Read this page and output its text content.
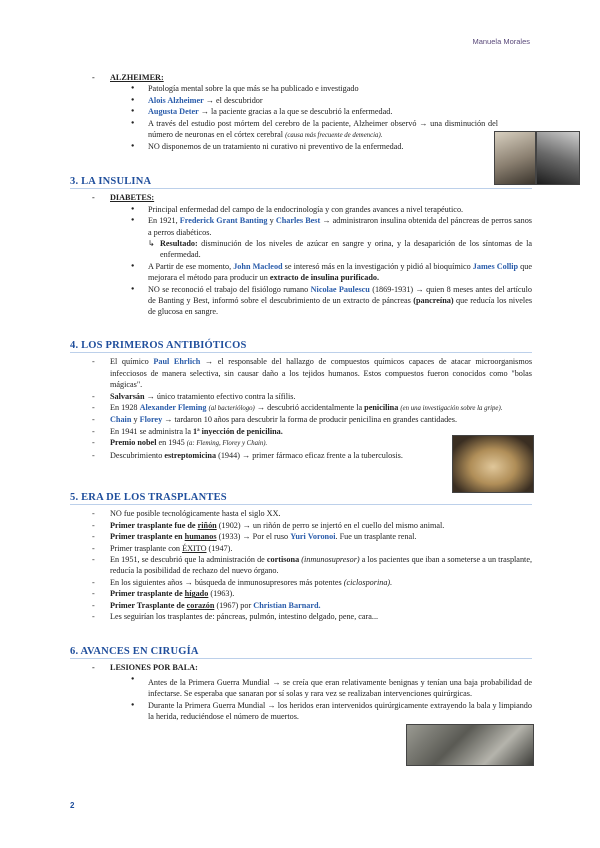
Manuela Morales
- ALZHEIMER:
● Patología mental sobre la que más se ha publicado e investigado
● Alois Alzheimer → el descubridor
● Augusta Deter → la paciente gracias a la que se descubrió la enfermedad.
● A través del estudio post mórtem del cerebro de la paciente, Alzheimer observó → una disminución del número de neuronas en el córtex cerebral (causa más frecuente de demencia).
● NO disponemos de un tratamiento ni curativo ni preventivo de la enfermedad.
3. LA INSULINA
- DIABETES:
● Principal enfermedad del campo de la endocrinología y con grandes avances a nivel terapéutico.
● En 1921, Frederick Grant Banting y Charles Best → administraron insulina obtenida del páncreas de perros sanos a perros diabéticos.
↳ Resultado: disminución de los niveles de azúcar en sangre y orina, y la desaparición de los síntomas de la enfermedad.
● A Partir de ese momento, John Macleod se interesó más en la investigación y pidió al bioquímico James Collip que mejorara el método para producir un extracto de insulina purificado.
● NO se reconoció el trabajo del fisiólogo rumano Nicolae Paulescu (1869-1931) → quien 8 meses antes del artículo de Banting y Best, informó sobre el descubrimiento de un extracto de páncreas (pancreína) que reducía los niveles de glucosa en sangre.
4. LOS PRIMEROS ANTIBIÓTICOS
- El químico Paul Ehrlich → el responsable del hallazgo de compuestos químicos capaces de atacar microorganismos infecciosos de manera selectiva, sin causar daño a los tejidos humanos. Estos compuestos fueron conocidos como "bolas mágicas".
- Salvarsán → único tratamiento efectivo contra la sífilis.
- En 1928 Alexander Fleming (al bacteriólogo) → descubrió accidentalmente la penicilina (en una investigación sobre la gripe).
- Chain y Florey → tardaron 10 años para descubrir la forma de producir penicilina en grandes cantidades.
- En 1941 se administra la 1ª inyección de penicilina.
- Premio nobel en 1945 (a: Fleming, Florey y Chain).
- Descubrimiento estreptomicina (1944) → primer fármaco eficaz frente a la tuberculosis.
5. ERA DE LOS TRASPLANTES
- NO fue posible tecnológicamente hasta el siglo XX.
- Primer trasplante fue de riñón (1902) → un riñón de perro se injertó en el cuello del mismo animal.
- Primer trasplante en humanos (1933) → Por el ruso Yuri Voronoi. Fue un trasplante renal.
- Primer trasplante con ÉXITO (1947).
- En 1951, se descubrió que la administración de cortisona (inmunosupresor) a los pacientes que iban a someterse a un trasplante, reducía la posibilidad de rechazo del nuevo órgano.
- En los siguientes años → búsqueda de inmunosupresores más potentes (ciclosporina).
- Primer trasplante de hígado (1963).
- Primer Trasplante de corazón (1967) por Christian Barnard.
- Les seguirían los trasplantes de: páncreas, pulmón, intestino delgado, pene, cara...
6. AVANCES EN CIRUGÍA
- LESIONES POR BALA:
● Antes de la Primera Guerra Mundial → se creía que eran relativamente benignas y tenían una baja probabilidad de infectarse. Se esperaba que sanaran por sí solas y rara vez se realizaban intervenciones quirúrgicas.
● Durante la Primera Guerra Mundial → los heridos eran intervenidos quirúrgicamente extrayendo la bala y limpiando la herida, reduciéndose el número de muertos.
2
